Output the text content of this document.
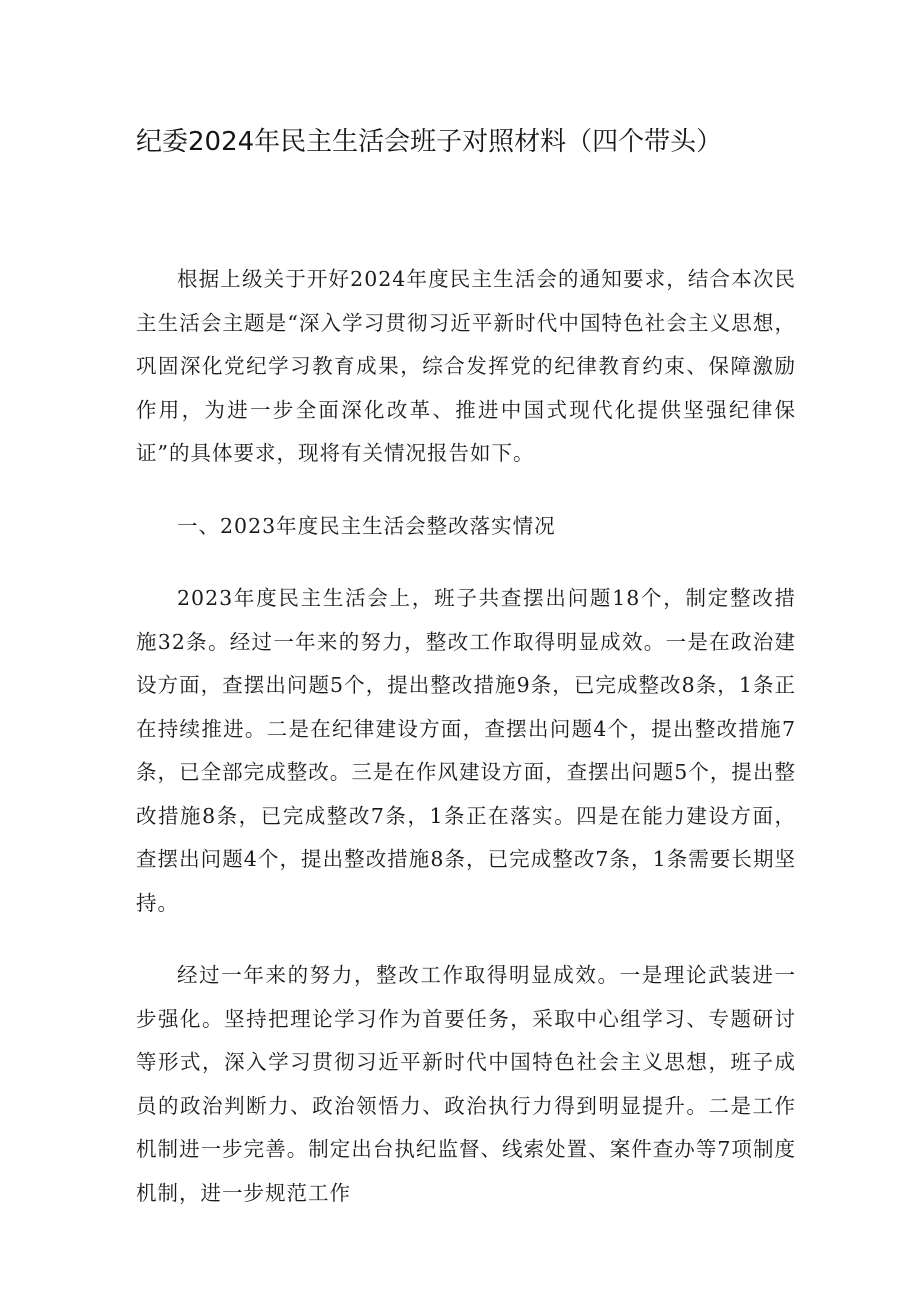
纪委2024年民主生活会班子对照材料（四个带头）

根据上级关于开好2024年度民主生活会的通知要求，结合本次民主生活会主题是“深入学习贯彻习近平新时代中国特色社会主义思想，巩固深化党纪学习教育成果，综合发挥党的纪律教育约束、保障激励作用，为进一步全面深化改革、推进中国式现代化提供坚强纪律保证”的具体要求，现将有关情况报告如下。

一、2023年度民主生活会整改落实情况

2023年度民主生活会上，班子共查摆出问题18个，制定整改措施32条。经过一年来的努力，整改工作取得明显成效。一是在政治建设方面，查摆出问题5个，提出整改措施9条，已完成整改8条，1条正在持续推进。二是在纪律建设方面，查摆出问题4个，提出整改措施7条，已全部完成整改。三是在作风建设方面，查摆出问题5个，提出整改措施8条，已完成整改7条，1条正在落实。四是在能力建设方面，查摆出问题4个，提出整改措施8条，已完成整改7条，1条需要长期坚持。

经过一年来的努力，整改工作取得明显成效。一是理论武装进一步强化。坚持把理论学习作为首要任务，采取中心组学习、专题研讨等形式，深入学习贯彻习近平新时代中国特色社会主义思想，班子成员的政治判断力、政治领悟力、政治执行力得到明显提升。二是工作机制进一步完善。制定出台执纪监督、线索处置、案件查办等7项制度机制，进一步规范工作
